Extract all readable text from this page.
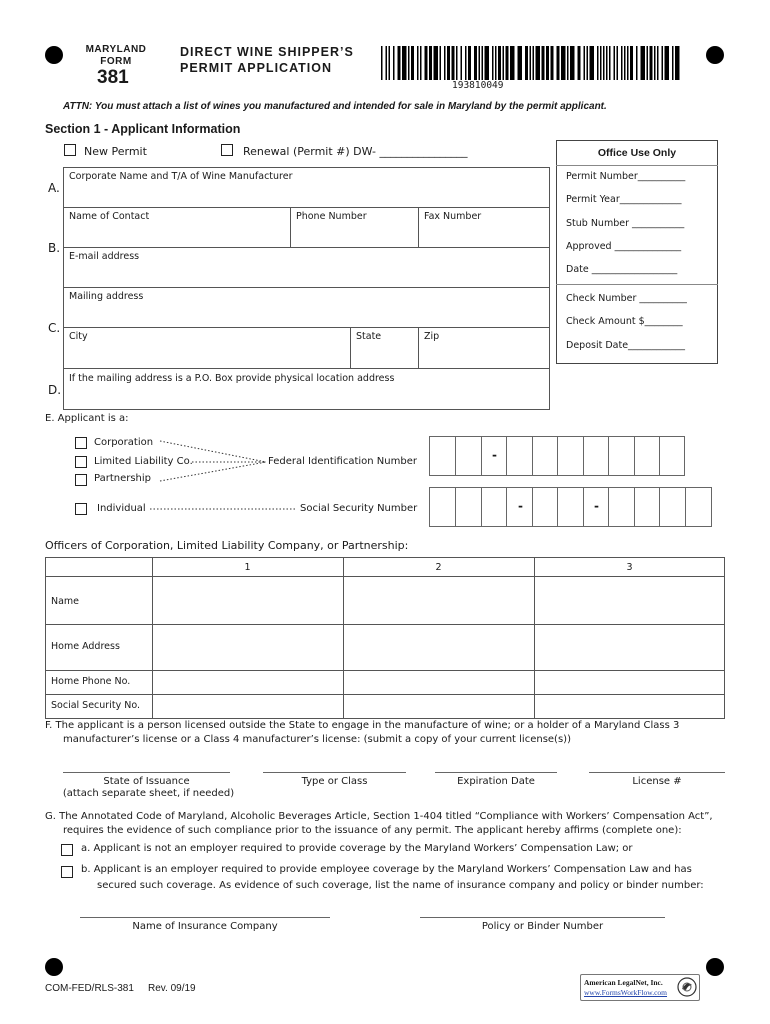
MARYLAND
FORM
381
DIRECT WINE SHIPPER’S
PERMIT APPLICATION
193810049
ATTN: You must attach a list of wines you manufactured and intended for sale in Maryland by the permit applicant.
Section 1 - Applicant Information
New Permit	Renewal (Permit #) DW- ________________
A.
Corporate Name and T/A of Wine Manufacturer
B.
Name of Contact	Phone Number	Fax Number
E-mail address
C.
Mailing address
City	State	Zip
D.
If the mailing address is a P.O. Box provide physical location address
Office Use Only
Permit Number__________
Permit Year_____________
Stub Number ___________
Approved ______________
Date __________________
Check Number __________
Check Amount $________
Deposit Date____________
E. Applicant is a:
Corporation
Limited Liability Co.
Partnership
Individual
Federal Identification Number
Social Security Number
-
-	-
Officers of Corporation, Limited Liability Company, or Partnership:
1	2	3
Name
Home Address
Home Phone No.
Social Security No.
F. The applicant is a person licensed outside the State to engage in the manufacture of wine; or a holder of a Maryland Class 3
manufacturer’s license or a Class 4 manufacturer’s license: (submit a copy of your current license(s))
State of Issuance
(attach separate sheet, if needed)
Type or Class	Expiration Date	License #
G. The Annotated Code of Maryland, Alcoholic Beverages Article, Section 1-404 titled “Compliance with Workers’ Compensation Act”,
requires the evidence of such compliance prior to the issuance of any permit. The applicant hereby affirms (complete one):
a. Applicant is not an employer required to provide coverage by the Maryland Workers’ Compensation Law; or
b. Applicant is an employer required to provide employee coverage by the Maryland Workers’ Compensation Law and has
secured such coverage. As evidence of such coverage, list the name of insurance company and policy or binder number:
Name of Insurance Company	Policy or Binder Number
COM-FED/RLS-381 Rev. 09/19
American LegalNet, Inc.
www.FormsWorkFlow.com
